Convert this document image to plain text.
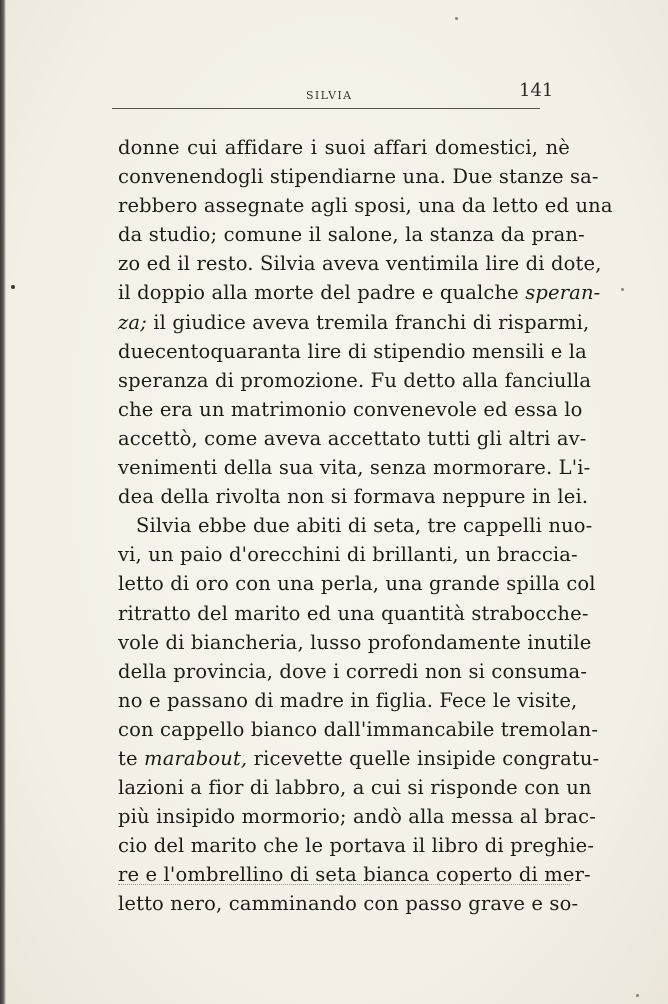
SILVIA	141
donne cui affidare i suoi affari domestici, nè
convenendogli stipendiarne una. Due stanze sa-
rebbero assegnate agli sposi, una da letto ed una
da studio; comune il salone, la stanza da pran-
zo ed il resto. Silvia aveva ventimila lire di dote,
il doppio alla morte del padre e qualche speran-
za; il giudice aveva tremila franchi di risparmi,
duecentoquaranta lire di stipendio mensili e la
speranza di promozione. Fu detto alla fanciulla
che era un matrimonio convenevole ed essa lo
accettò, come aveva accettato tutti gli altri av-
venimenti della sua vita, senza mormorare. L'i-
dea della rivolta non si formava neppure in lei.
Silvia ebbe due abiti di seta, tre cappelli nuo-
vi, un paio d'orecchini di brillanti, un braccia-
letto di oro con una perla, una grande spilla col
ritratto del marito ed una quantità strabocche-
vole di biancheria, lusso profondamente inutile
della provincia, dove i corredi non si consuma-
no e passano di madre in figlia. Fece le visite,
con cappello bianco dall'immancabile tremolan-
te marabout, ricevette quelle insipide congratu-
lazioni a fior di labbro, a cui si risponde con un
più insipido mormorio; andò alla messa al brac-
cio del marito che le portava il libro di preghie-
re e l'ombrellino di seta bianca coperto di mer-
letto nero, camminando con passo grave e so-
